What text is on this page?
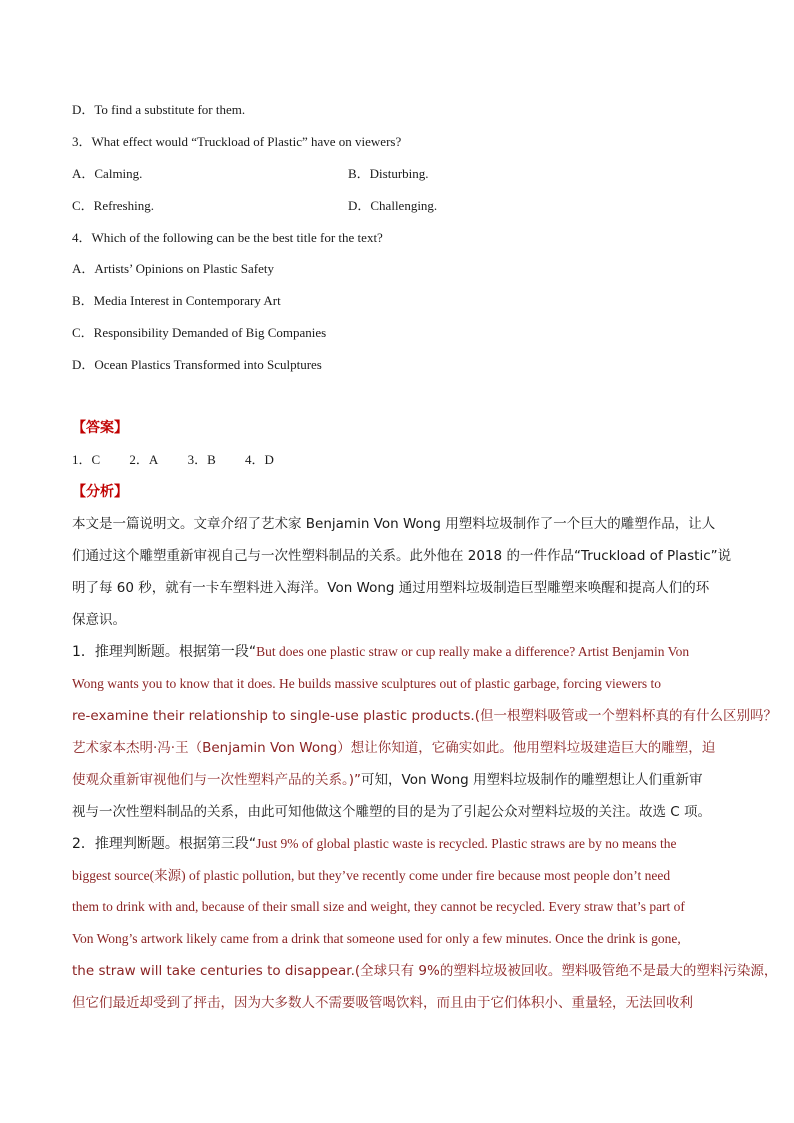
D．To find a substitute for them.
3．What effect would “Truckload of Plastic” have on viewers?
A．Calming.	B．Disturbing.
C．Refreshing.	D．Challenging.
4．Which of the following can be the best title for the text?
A．Artists’ Opinions on Plastic Safety
B．Media Interest in Contemporary Art
C．Responsibility Demanded of Big Companies
D．Ocean Plastics Transformed into Sculptures
【答案】
1．C 2．A 3．B 4．D
【分析】
本文是一篇说明文。文章介绍了艺术家 Benjamin Von Wong 用塑料垃圾制作了一个巨大的雕塑作品，让人
们通过这个雕塑重新审视自己与一次性塑料制品的关系。此外他在 2018 的一件作品“Truckload of Plastic”说
明了每 60 秒，就有一卡车塑料进入海洋。Von Wong 通过用塑料垃圾制造巨型雕塑来唤醒和提高人们的环
保意识。
1．推理判断题。根据第一段“But does one plastic straw or cup really make a difference? Artist Benjamin Von
Wong wants you to know that it does. He builds massive sculptures out of plastic garbage, forcing viewers to
re-examine their relationship to single-use plastic products.(但一根塑料吸管或一个塑料杯真的有什么区别吗？
艺术家本杰明·冯·王（Benjamin Von Wong）想让你知道，它确实如此。他用塑料垃圾建造巨大的雕塑，迫
使观众重新审视他们与一次性塑料产品的关系。)”可知，Von Wong 用塑料垃圾制作的雕塑想让人们重新审
视与一次性塑料制品的关系，由此可知他做这个雕塑的目的是为了引起公众对塑料垃圾的关注。故选 C 项。
2．推理判断题。根据第三段“Just 9% of global plastic waste is recycled. Plastic straws are by no means the
biggest source(来源) of plastic pollution, but they’ve recently come under fire because most people don’t need
them to drink with and, because of their small size and weight, they cannot be recycled. Every straw that’s part of
Von Wong’s artwork likely came from a drink that someone used for only a few minutes. Once the drink is gone,
the straw will take centuries to disappear.(全球只有 9%的塑料垃圾被回收。塑料吸管绝不是最大的塑料污染源，
但它们最近却受到了抨击，因为大多数人不需要吸管喝饮料，而且由于它们体积小、重量轻，无法回收利
